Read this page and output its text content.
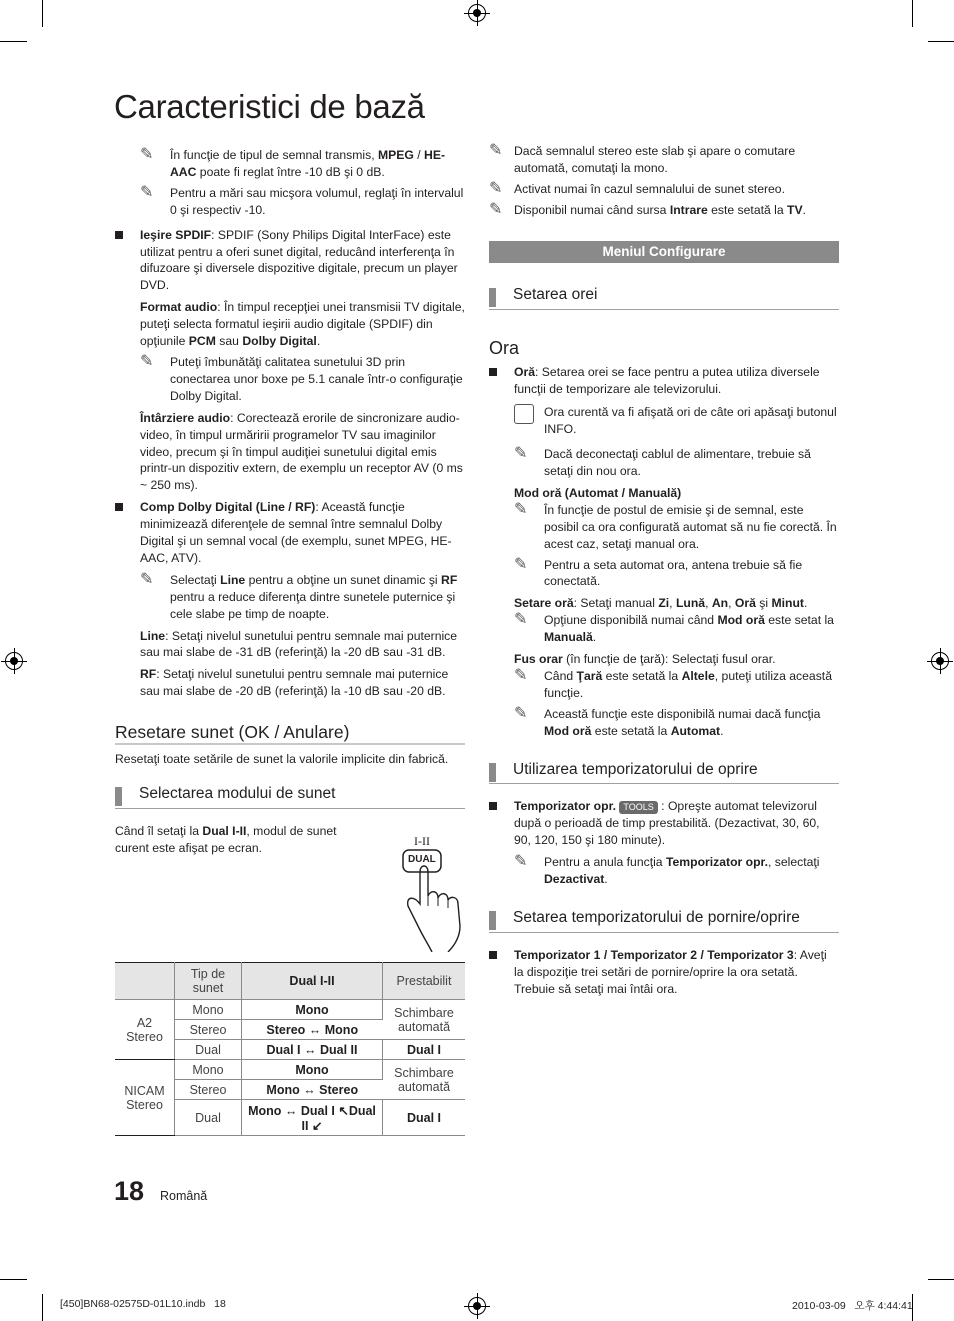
Caracteristici de bază
✎ În funcţie de tipul de semnal transmis, MPEG / HE-AAC poate fi reglat între -10 dB şi 0 dB.
✎ Pentru a mări sau micşora volumul, reglaţi în intervalul 0 şi respectiv -10.
Ieşire SPDIF: SPDIF (Sony Philips Digital InterFace) este utilizat pentru a oferi sunet digital, reducând interferenţa în difuzoare şi diversele dispozitive digitale, precum un player DVD.
Format audio: În timpul recepţiei unei transmisii TV digitale, puteţi selecta formatul ieşirii audio digitale (SPDIF) din opţiunile PCM sau Dolby Digital.
✎ Puteţi îmbunătăţi calitatea sunetului 3D prin conectarea unor boxe pe 5.1 canale într-o configuraţie Dolby Digital.
Întârziere audio: Corectează erorile de sincronizare audio-video, în timpul urmăririi programelor TV sau imaginilor video, precum şi în timpul audiţiei sunetului digital emis printr-un dispozitiv extern, de exemplu un receptor AV (0 ms ~ 250 ms).
Comp Dolby Digital (Line / RF): Această funcţie minimizează diferenţele de semnal între semnalul Dolby Digital şi un semnal vocal (de exemplu, sunet MPEG, HE-AAC, ATV).
✎ Selectaţi Line pentru a obţine un sunet dinamic şi RF pentru a reduce diferenţa dintre sunetele puternice şi cele slabe pe timp de noapte.
Line: Setaţi nivelul sunetului pentru semnale mai puternice sau mai slabe de -31 dB (referinţă) la -20 dB sau -31 dB.
RF: Setaţi nivelul sunetului pentru semnale mai puternice sau mai slabe de -20 dB (referinţă) la -10 dB sau -20 dB.
Resetare sunet (OK / Anulare)

Resetaţi toate setările de sunet la valorile implicite din fabrică.

Selectarea modului de sunet

Când îl setaţi la Dual I-II, modul de sunet curent este afişat pe ecran.	I-II
DUAL
	Tip de sunet	Dual I-II	Prestabilit
A2 Stereo	Mono	Mono	Schimbare automată
	Stereo	Stereo ↔ Mono	
	Dual	Dual I ↔ Dual II	Dual I
NICAM Stereo	Mono	Mono	Schimbare automată
	Stereo	Mono ↔ Stereo	
	Dual	Mono ↔ Dual I ↖Dual II ↙	Dual I
✎ Dacă semnalul stereo este slab şi apare o comutare automată, comutaţi la mono.
✎ Activat numai în cazul semnalului de sunet stereo.
✎ Disponibil numai când sursa Intrare este setată la TV.
Meniul Configurare
Setarea orei
Ora
Oră: Setarea orei se face pentru a putea utiliza diversele funcţii de temporizare ale televizorului.
Ora curentă va fi afişată ori de câte ori apăsaţi butonul INFO.
✎ Dacă deconectaţi cablul de alimentare, trebuie să setaţi din nou ora.
Mod oră (Automat / Manuală)
✎ În funcţie de postul de emisie şi de semnal, este posibil ca ora configurată automat să nu fie corectă. În acest caz, setaţi manual ora.
✎ Pentru a seta automat ora, antena trebuie să fie conectată.
Setare oră: Setaţi manual Zi, Lună, An, Oră şi Minut.
✎ Opţiune disponibilă numai când Mod oră este setat la Manuală.
Fus orar (în funcţie de ţară): Selectaţi fusul orar.
✎ Când Ţară este setată la Altele, puteţi utiliza această funcţie.
✎ Această funcţie este disponibilă numai dacă funcţia Mod oră este setată la Automat.
Utilizarea temporizatorului de oprire
Temporizator opr. TOOLS : Opreşte automat televizorul după o perioadă de timp prestabilită. (Dezactivat, 30, 60, 90, 120, 150 şi 180 minute).
✎ Pentru a anula funcţia Temporizator opr., selectaţi Dezactivat.
Setarea temporizatorului de pornire/oprire
Temporizator 1 / Temporizator 2 / Temporizator 3: Aveţi la dispoziţie trei setări de pornire/oprire la ora setată. Trebuie să setaţi mai întâi ora.
18 Română
[450]BN68-02575D-01L10.indb   18	2010-03-09   오후 4:44:41
